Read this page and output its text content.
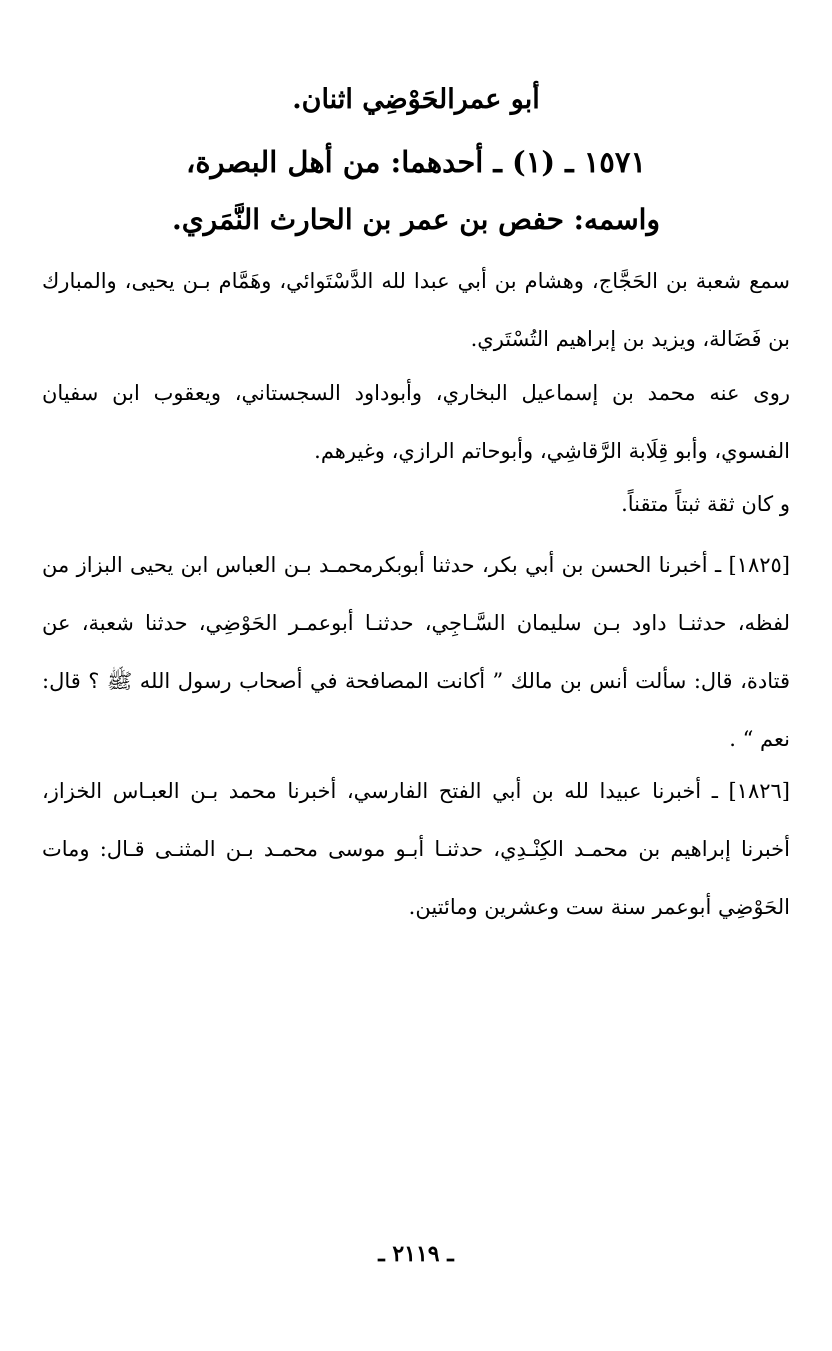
أبو عمرالحَوْضِي اثنان.
١٥٧١ ـ (١) ـ أحدهما: من أهل البصرة،
واسمه: حفص بن عمر بن الحارث النَّمَري.
سمع شعبة بن الحَجَّاج، وهشام بن أبي عبدا لله الدَّسْتَوائي، وهَمَّام بـن يحيى، والمبارك بن فَضَالة، ويزيد بن إبراهيم التُسْتَري.
روى عنه محمد بن إسماعيل البخاري، وأبوداود السجستاني، ويعقوب ابن سفيان الفسوي، وأبو قِلَابة الرَّقاشِي، وأبوحاتم الرازي، وغيرهم.
و كان ثقة ثبتاً متقناً.
[١٨٢٥] ـ أخبرنا الحسن بن أبي بكر، حدثنا أبوبكرمحمـد بـن العباس ابن يحيى البزاز من لفظه، حدثنـا داود بـن سليمان السَّـاجِي، حدثنـا أبوعمـر الحَوْضِي، حدثنا شعبة، عن قتادة، قال: سألت أنس بن مالك ” أكانت المصافحة في أصحاب رسول الله ﷺ ؟ قال: نعم “ .
[١٨٢٦] ـ أخبرنا عبيدا لله بن أبي الفتح الفارسي، أخبرنا محمد بـن العبـاس الخزاز، أخبرنا إبراهيم بن محمـد الكِنْـدِي، حدثنـا أبـو موسى محمـد بـن المثنـى قـال: ومات الحَوْضِي أبوعمر سنة ست وعشرين ومائتين.
ـ ٢١١٩ ـ
